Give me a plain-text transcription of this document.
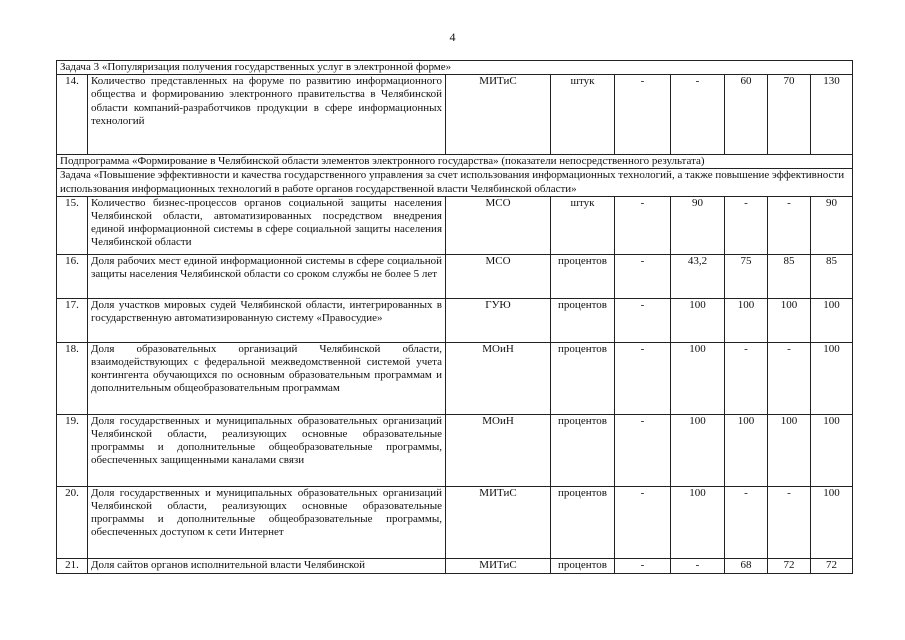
4
Задача 3 «Популяризация получения государственных услуг в электронной форме»								
14.	Количество представленных на форуме по развитию информационного общества и формированию электронного правительства в Челябинской области компаний-разработчиков продукции в сфере информационных технологий	МИТиС	штук	-	-	60	70	130
Подпрограмма «Формирование в Челябинской области элементов электронного государства» (показатели непосредственного результата)								
Задача «Повышение эффективности и качества государственного управления за счет использования информационных технологий, а также повышение эффективности использования информационных технологий в работе органов государственной власти Челябинской области»								
15.	Количество бизнес-процессов органов социальной защиты населения Челябинской области, автоматизированных посредством внедрения единой информационной системы в сфере социальной защиты населения Челябинской области	МСО	штук	-	90	-	-	90
16.	Доля рабочих мест единой информационной системы в сфере социальной защиты населения Челябинской области со сроком службы не более 5 лет	МСО	процентов	-	43,2	75	85	85
17.	Доля участков мировых судей Челябинской области, интегрированных в государственную автоматизированную систему «Правосудие»	ГУЮ	процентов	-	100	100	100	100
18.	Доля образовательных организаций Челябинской области, взаимодействующих с федеральной межведомственной системой учета контингента обучающихся по основным образовательным программам и дополнительным общеобразовательным программам	МОиН	процентов	-	100	-	-	100
19.	Доля государственных и муниципальных образовательных организаций Челябинской области, реализующих основные образовательные программы и дополнительные общеобразовательные программы, обеспеченных защищенными каналами связи	МОиН	процентов	-	100	100	100	100
20.	Доля государственных и муниципальных образовательных организаций Челябинской области, реализующих основные образовательные программы и дополнительные общеобразовательные программы, обеспеченных доступом к сети Интернет	МИТиС	процентов	-	100	-	-	100
21.	Доля сайтов органов исполнительной власти Челябинской	МИТиС	процентов	-	-	68	72	72
